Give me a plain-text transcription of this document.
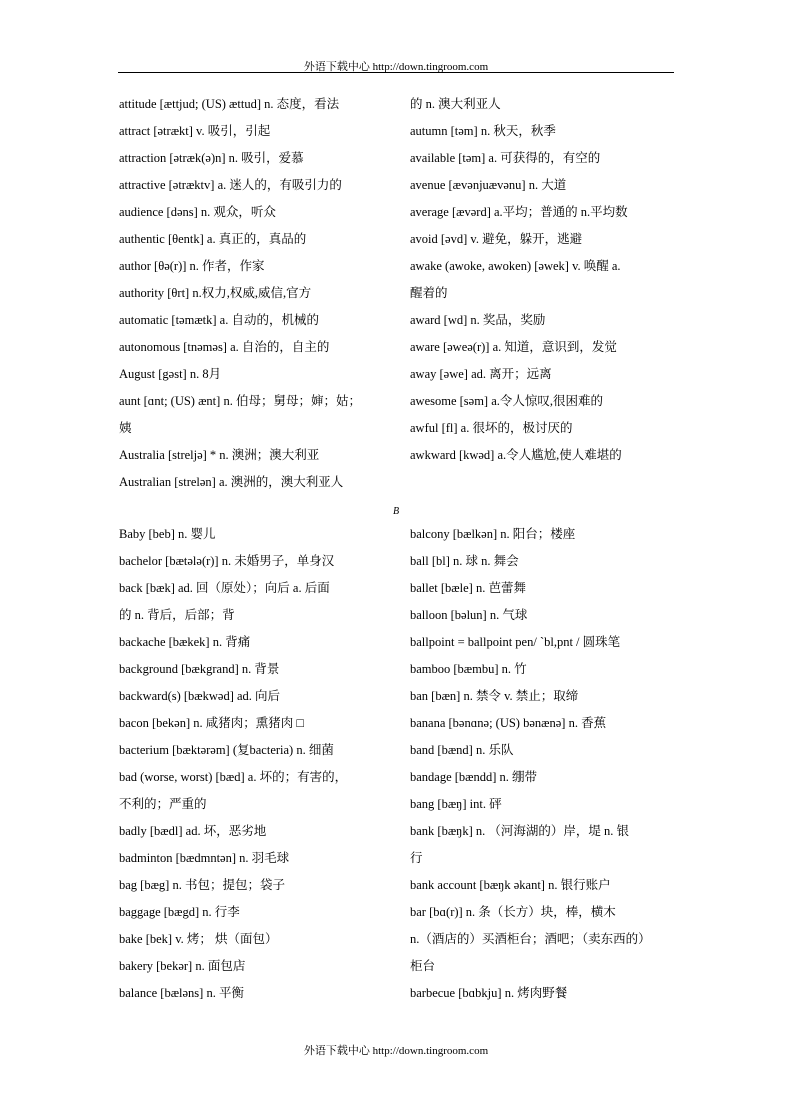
外语下载中心 http://down.tingroom.com
attitude [ættjud; (US) ættud] n. 态度，看法
attract [ətrækt] v. 吸引，引起
attraction [ətræk(ə)n] n. 吸引，爱慕
attractive [ətræktv] a. 迷人的，有吸引力的
audience [dəns] n. 观众，听众
authentic [θentk] a. 真正的，真品的
author [θə(r)] n. 作者，作家
authority [θrt] n.权力,权威,威信,官方
automatic [təmætk] a. 自动的，机械的
autonomous [tnəməs] a. 自治的，自主的
August [gəst] n. 8月
aunt [ɑnt; (US) ænt] n. 伯母；舅母；婶；姑；
姨
Australia [streljə] * n. 澳洲；澳大利亚
Australian [strelən] a. 澳洲的，澳大利亚人
的 n. 澳大利亚人
autumn [təm] n. 秋天，秋季
available [təm] a. 可获得的，有空的
avenue [ævənjuævənu] n. 大道
average [ævərd] a.平均；普通的 n.平均数
avoid [əvd] v. 避免，躲开，逃避
awake (awoke, awoken) [əwek] v. 唤醒 a.
醒着的
award [wd] n. 奖品，奖励
aware [əweə(r)] a. 知道，意识到，发觉
away [əwe] ad. 离开；远离
awesome [səm] a.令人惊叹,很困难的
awful [fl] a. 很坏的，极讨厌的
awkward [kwəd] a.令人尴尬,使人难堪的
B
Baby [beb] n. 婴儿
bachelor [bætələ(r)] n. 未婚男子，单身汉
back [bæk] ad. 回（原处）；向后 a. 后面
的 n. 背后，后部；背
backache [bækek] n. 背痛
background [bækgrand] n. 背景
backward(s) [bækwəd] ad. 向后
bacon [bekən] n. 咸猪肉；熏猪肉 □
bacterium [bæktərəm] (复bacteria) n. 细菌
bad (worse, worst) [bæd] a. 坏的；有害的，
不利的；严重的
badly [bædl] ad. 坏，恶劣地
badminton [bædmntən] n. 羽毛球
bag [bæg] n. 书包；提包；袋子
baggage [bægd] n. 行李
bake [bek] v. 烤； 烘（面包）
bakery [bekər] n. 面包店
balance [bæləns] n. 平衡
balcony [bælkən] n. 阳台；楼座
ball [bl] n. 球 n. 舞会
ballet [bæle] n. 芭蕾舞
balloon [bəlun] n. 气球
ballpoint = ballpoint pen/ `bl,pnt / 圆珠笔
bamboo [bæmbu] n. 竹
ban [bæn] n. 禁令 v. 禁止；取缔
banana [bənɑnə; (US) bənænə] n. 香蕉
band [bænd] n. 乐队
bandage [bændd] n. 绷带
bang [bæŋ] int. 砰
bank [bæŋk] n. （河海湖的）岸，堤 n. 银
行
bank account [bæŋk əkant] n. 银行账户
bar [bɑ(r)] n. 条（长方）块，棒，横木
n.（酒店的）买酒柜台；酒吧；（卖东西的）
柜台
barbecue [bɑbkju] n. 烤肉野餐
外语下载中心 http://down.tingroom.com
